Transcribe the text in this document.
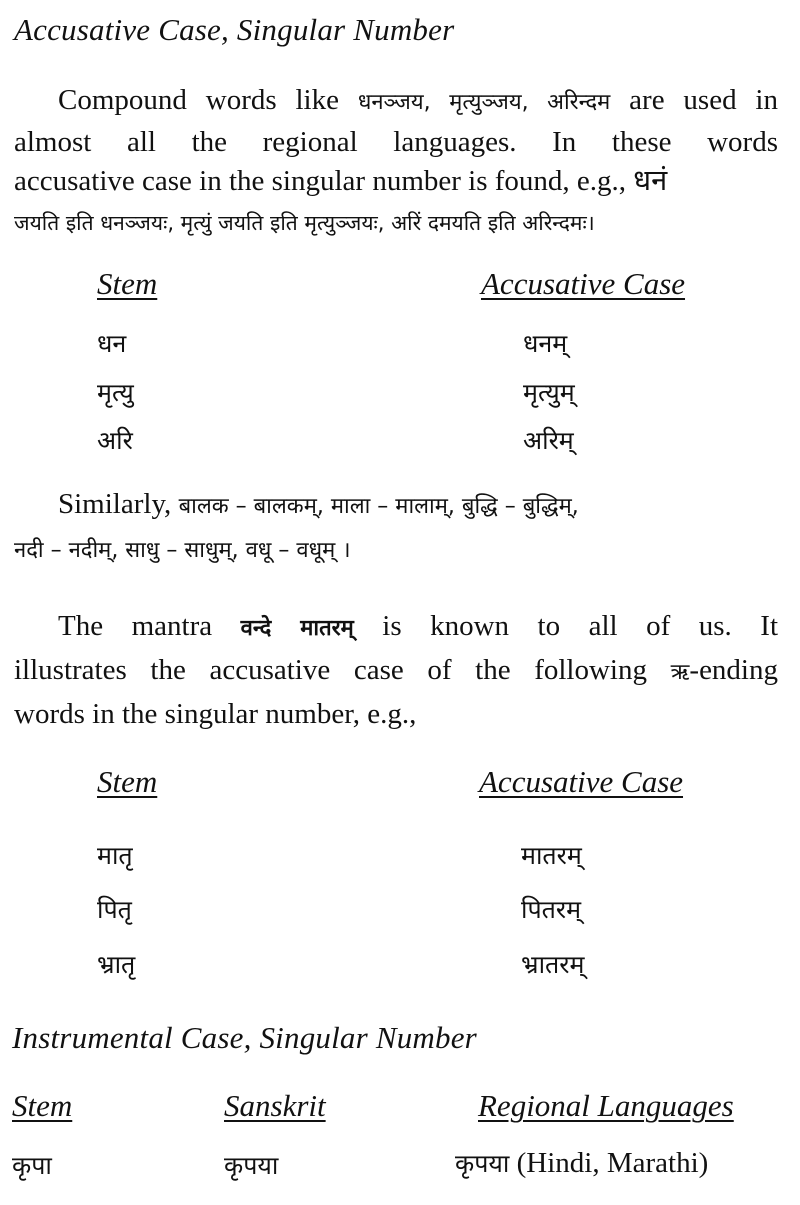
Accusative Case, Singular Number
Compound words like धनञ्जय, मृत्युञ्जय, अरिन्दम are used in
almost all the regional languages. In these words
accusative case in the singular number is found, e.g., धनं
जयति इति धनञ्जयः, मृत्युं जयति इति मृत्युञ्जयः, अरिं दमयति इति अरिन्दमः।
Stem	Accusative Case
धन	धनम्
मृत्यु	मृत्युम्
अरि	अरिम्
Similarly, बालक – बालकम्, माला – मालाम्, बुद्धि – बुद्धिम्,
नदी – नदीम्, साधु – साधुम्, वधू – वधूम् ।
The mantra वन्दे मातरम् is known to all of us. It
illustrates the accusative case of the following ऋ-ending
words in the singular number, e.g.,
Stem	Accusative Case
मातृ	मातरम्
पितृ	पितरम्
भ्रातृ	भ्रातरम्
Instrumental Case, Singular Number
Stem	Sanskrit	Regional Languages
कृपा	कृपया	कृपया (Hindi, Marathi)
